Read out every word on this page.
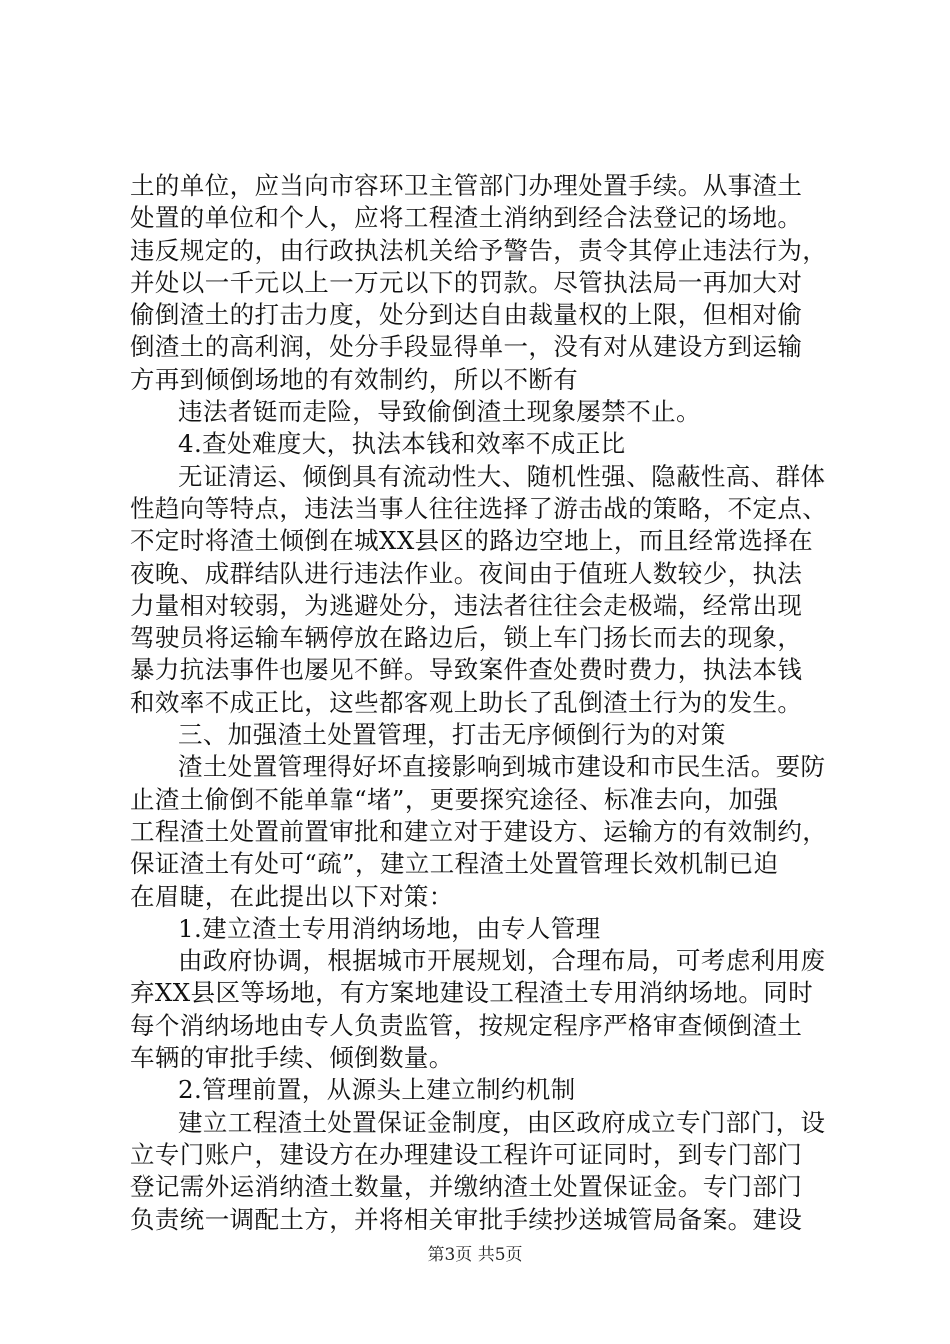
土的单位，应当向市容环卫主管部门办理处置手续。从事渣土
处置的单位和个人，应将工程渣土消纳到经合法登记的场地。
违反规定的，由行政执法机关给予警告，责令其停止违法行为，
并处以一千元以上一万元以下的罚款。尽管执法局一再加大对
偷倒渣土的打击力度，处分到达自由裁量权的上限，但相对偷
倒渣土的高利润，处分手段显得单一，没有对从建设方到运输
方再到倾倒场地的有效制约，所以不断有
违法者铤而走险，导致偷倒渣土现象屡禁不止。
4.查处难度大，执法本钱和效率不成正比
无证清运、倾倒具有流动性大、随机性强、隐蔽性高、群体
性趋向等特点，违法当事人往往选择了游击战的策略，不定点、
不定时将渣土倾倒在城XX县区的路边空地上，而且经常选择在
夜晚、成群结队进行违法作业。夜间由于值班人数较少，执法
力量相对较弱，为逃避处分，违法者往往会走极端，经常出现
驾驶员将运输车辆停放在路边后，锁上车门扬长而去的现象，
暴力抗法事件也屡见不鲜。导致案件查处费时费力，执法本钱
和效率不成正比，这些都客观上助长了乱倒渣土行为的发生。
三、加强渣土处置管理，打击无序倾倒行为的对策
渣土处置管理得好坏直接影响到城市建设和市民生活。要防
止渣土偷倒不能单靠“堵”，更要探究途径、标准去向，加强
工程渣土处置前置审批和建立对于建设方、运输方的有效制约，
保证渣土有处可“疏”，建立工程渣土处置管理长效机制已迫
在眉睫，在此提出以下对策：
1.建立渣土专用消纳场地，由专人管理
由政府协调，根据城市开展规划，合理布局，可考虑利用废
弃XX县区等场地，有方案地建设工程渣土专用消纳场地。同时
每个消纳场地由专人负责监管，按规定程序严格审查倾倒渣土
车辆的审批手续、倾倒数量。
2.管理前置，从源头上建立制约机制
建立工程渣土处置保证金制度，由区政府成立专门部门，设
立专门账户，建设方在办理建设工程许可证同时，到专门部门
登记需外运消纳渣土数量，并缴纳渣土处置保证金。专门部门
负责统一调配土方，并将相关审批手续抄送城管局备案。建设
第3页 共5页
